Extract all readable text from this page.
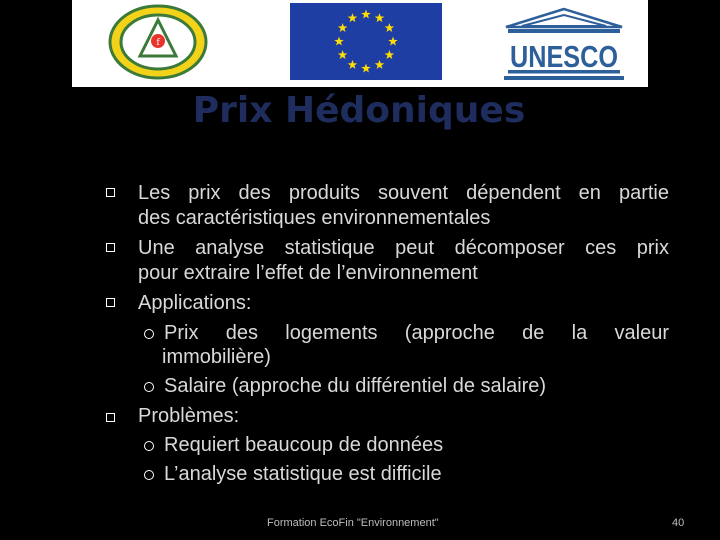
f	UNESCO
Prix Hédoniques
Les prix des produits souvent dépendent en partie
des caractéristiques environnementales
Une analyse statistique peut décomposer ces prix
pour extraire l’effet de l’environnement
Applications:
Prix des logements (approche de la valeur
immobilière)
Salaire (approche du différentiel de salaire)
Problèmes:
Requiert beaucoup de données
L’analyse statistique est difficile
Formation EcoFin "Environnement"	40
